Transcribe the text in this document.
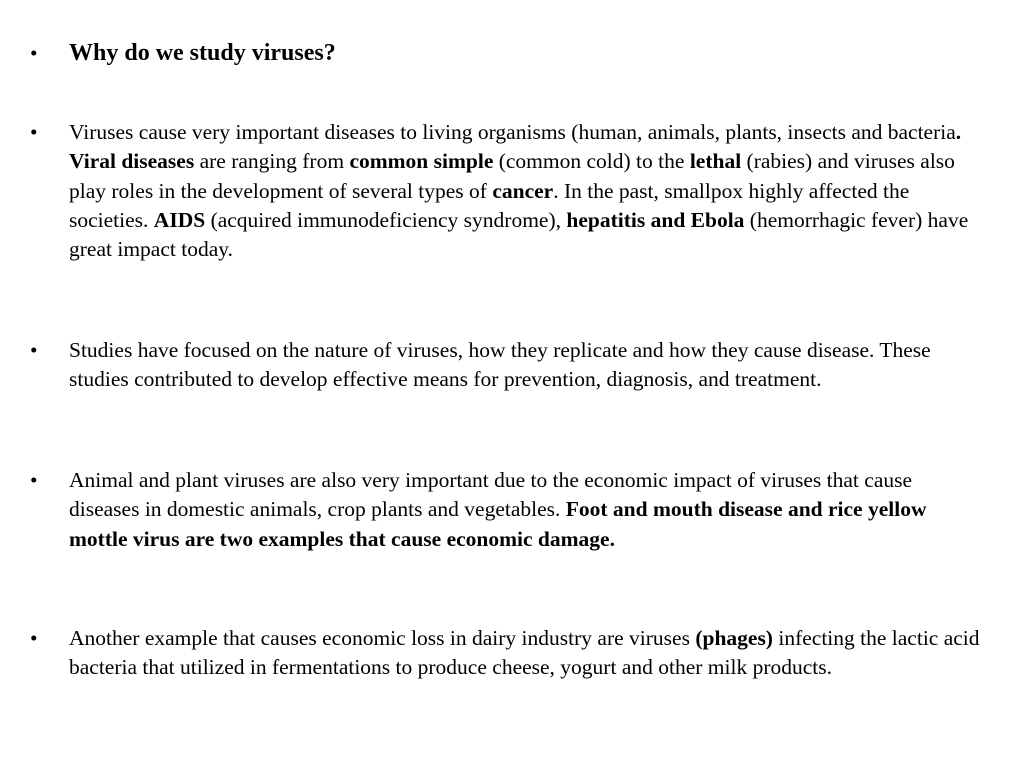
•	Why do we study viruses?
•	Viruses cause very important diseases to living organisms (human, animals, plants, insects and bacteria. Viral diseases are ranging from common simple (common cold) to the lethal (rabies) and viruses also play roles in the development of several types of cancer. In the past, smallpox highly affected the societies. AIDS (acquired immunodeficiency syndrome), hepatitis and Ebola (hemorrhagic fever) have great impact today.
•	Studies have focused on the nature of viruses, how they replicate and how they cause disease. These studies contributed to develop effective means for prevention, diagnosis, and treatment.
•	Animal and plant viruses are also very important due to the economic impact of viruses that cause diseases in domestic animals, crop plants and vegetables. Foot and mouth disease and rice yellow mottle virus are two examples that cause economic damage.
•	Another example that causes economic loss in dairy industry are viruses (phages) infecting the lactic acid bacteria that utilized in fermentations to produce cheese, yogurt and other milk products.
